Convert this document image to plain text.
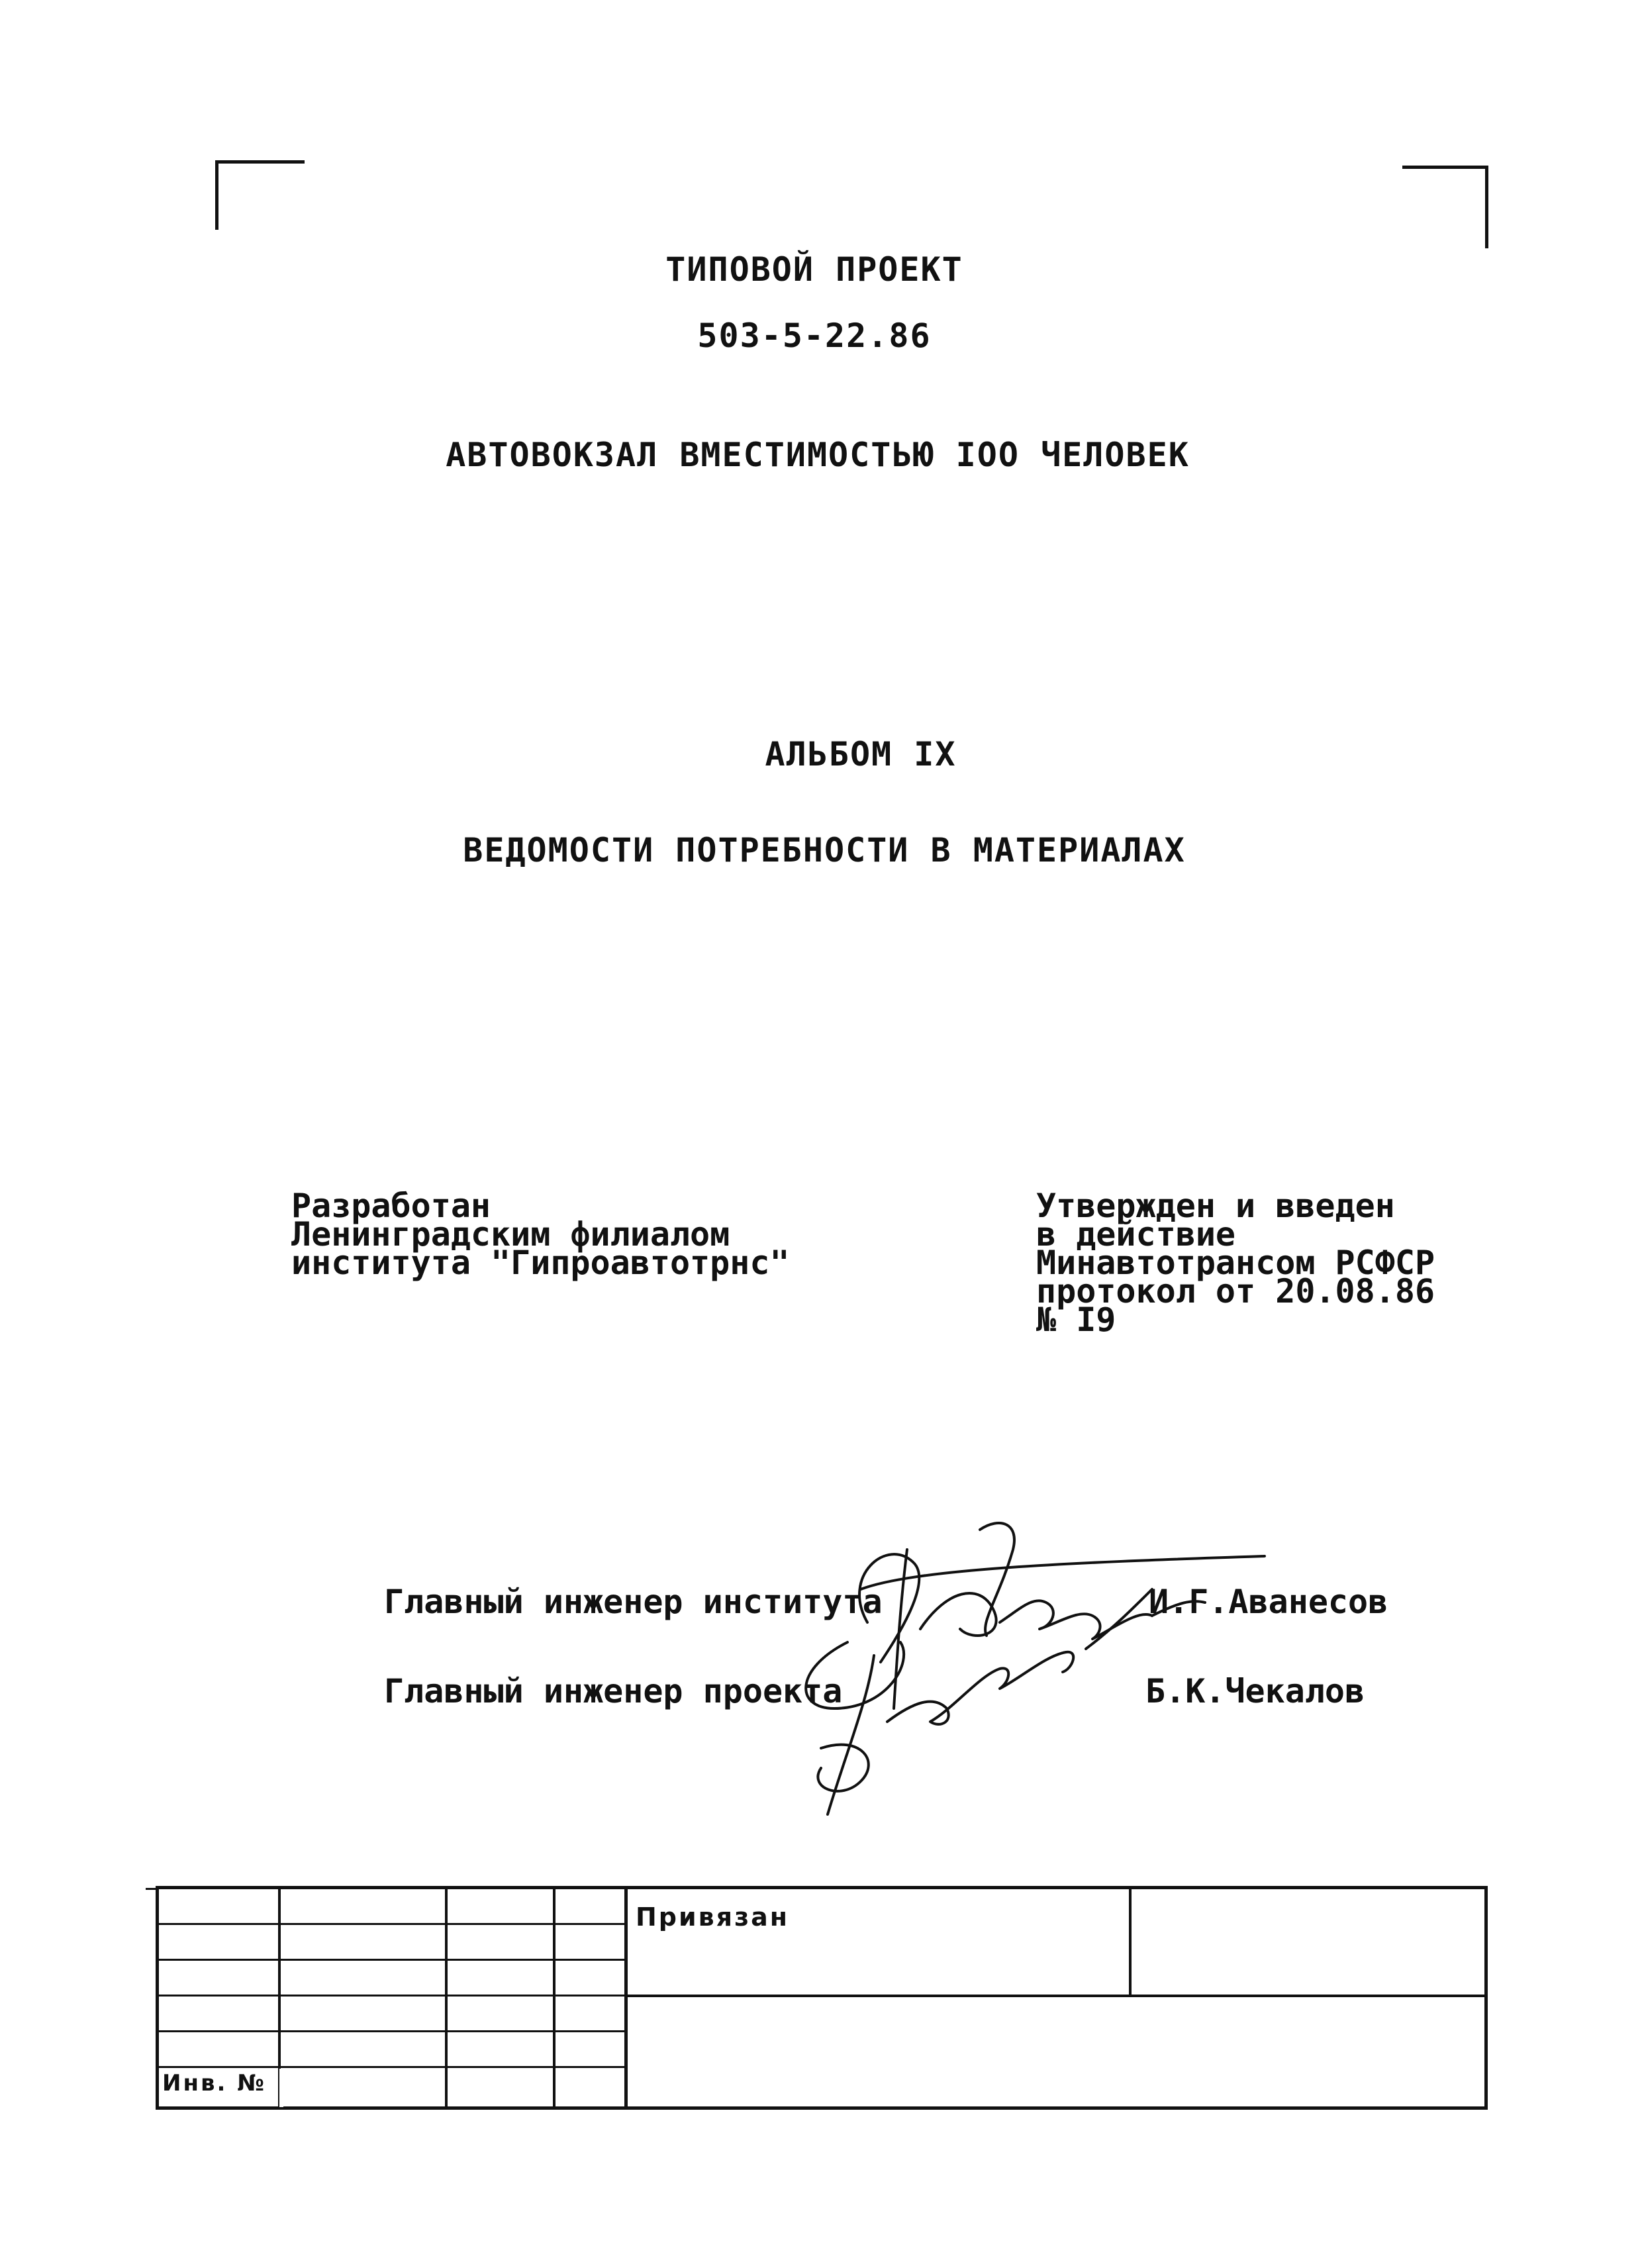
ТИПОВОЙ ПРОЕКТ
503-5-22.86
АВТОВОКЗАЛ ВМЕСТИМОСТЬЮ IOO ЧЕЛОВЕК
АЛЬБОМ IX
ВЕДОМОСТИ ПОТРЕБНОСТИ В МАТЕРИАЛАХ
Разработан
Ленинградским филиалом
института "Гипроавтотрнс"
Утвержден и введен
в действие
Минавтотрансом РСФСР
протокол от 20.08.86
№ I9
Главный инженер института	И.Г.Аванесов
Главный инженер проекта	Б.К.Чекалов
Привязан
Инв. №
